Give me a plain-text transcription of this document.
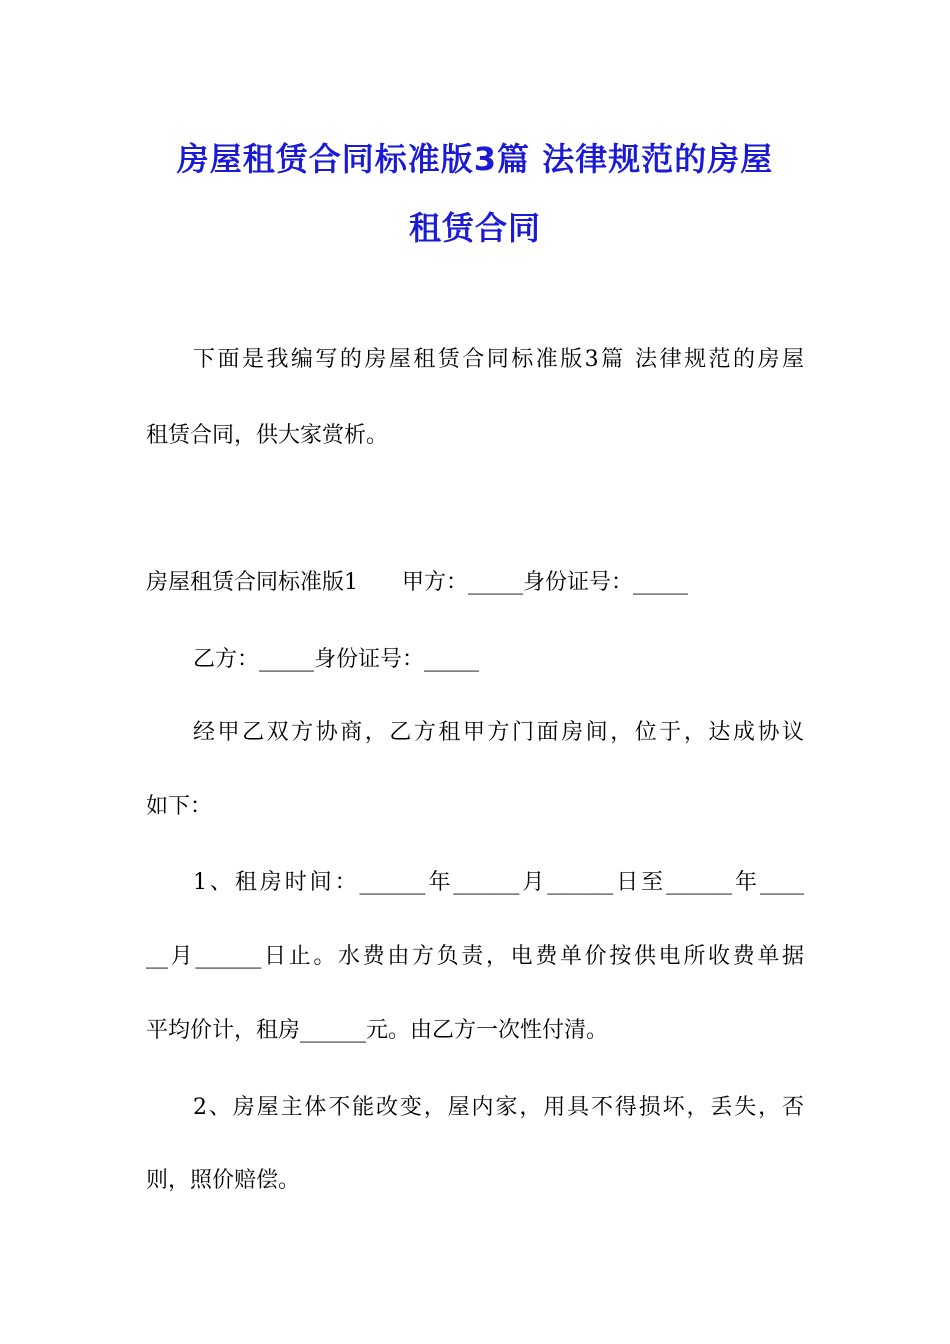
房屋租赁合同标准版3篇 法律规范的房屋
租赁合同
下面是我编写的房屋租赁合同标准版3篇 法律规范的房屋
租赁合同，供大家赏析。
房屋租赁合同标准版1　　甲方：_____身份证号：_____
乙方：_____身份证号：_____
经甲乙双方协商，乙方租甲方门面房间，位于，达成协议
如下：
1、租房时间：______年______月______日至______年____
__月______日止。水费由方负责，电费单价按供电所收费单据
平均价计，租房______元。由乙方一次性付清。
2、房屋主体不能改变，屋内家，用具不得损坏，丢失，否
则，照价赔偿。
